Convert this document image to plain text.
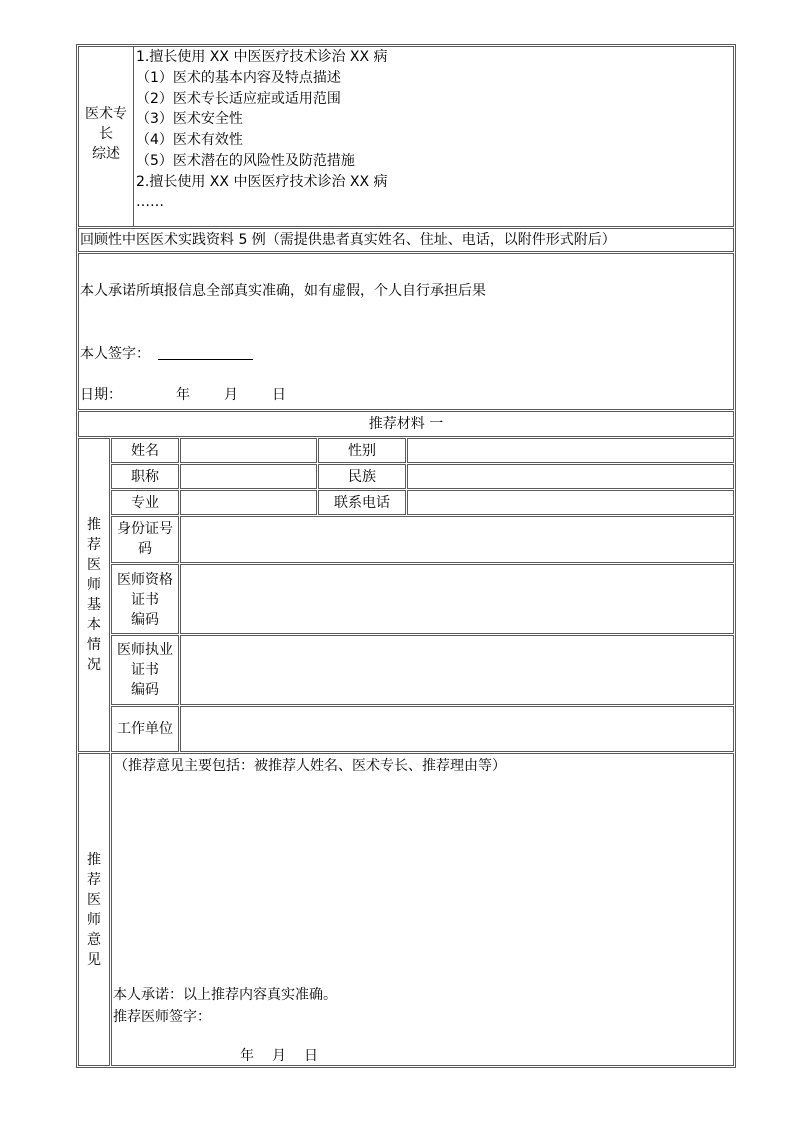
医术专
长
综述
1.擅长使用 XX 中医医疗技术诊治 XX 病
（1）医术的基本内容及特点描述
（2）医术专长适应症或适用范围
（3）医术安全性
（4）医术有效性
（5）医术潜在的风险性及防范措施
2.擅长使用 XX 中医医疗技术诊治 XX 病
……
回顾性中医医术实践资料 5 例（需提供患者真实姓名、住址、电话，以附件形式附后）
本人承诺所填报信息全部真实准确，如有虚假，个人自行承担后果
本人签字：
日期：	年 月 日
推荐材料 一
推
荐
医
师
基
本
情
况
姓名	性别
职称	民族
专业	联系电话
身份证号
码
医师资格
证书
编码
医师执业
证书
编码
工作单位
推
荐
医
师
意
见
（推荐意见主要包括：被推荐人姓名、医术专长、推荐理由等）
本人承诺：以上推荐内容真实准确。
推荐医师签字：
年 月 日
